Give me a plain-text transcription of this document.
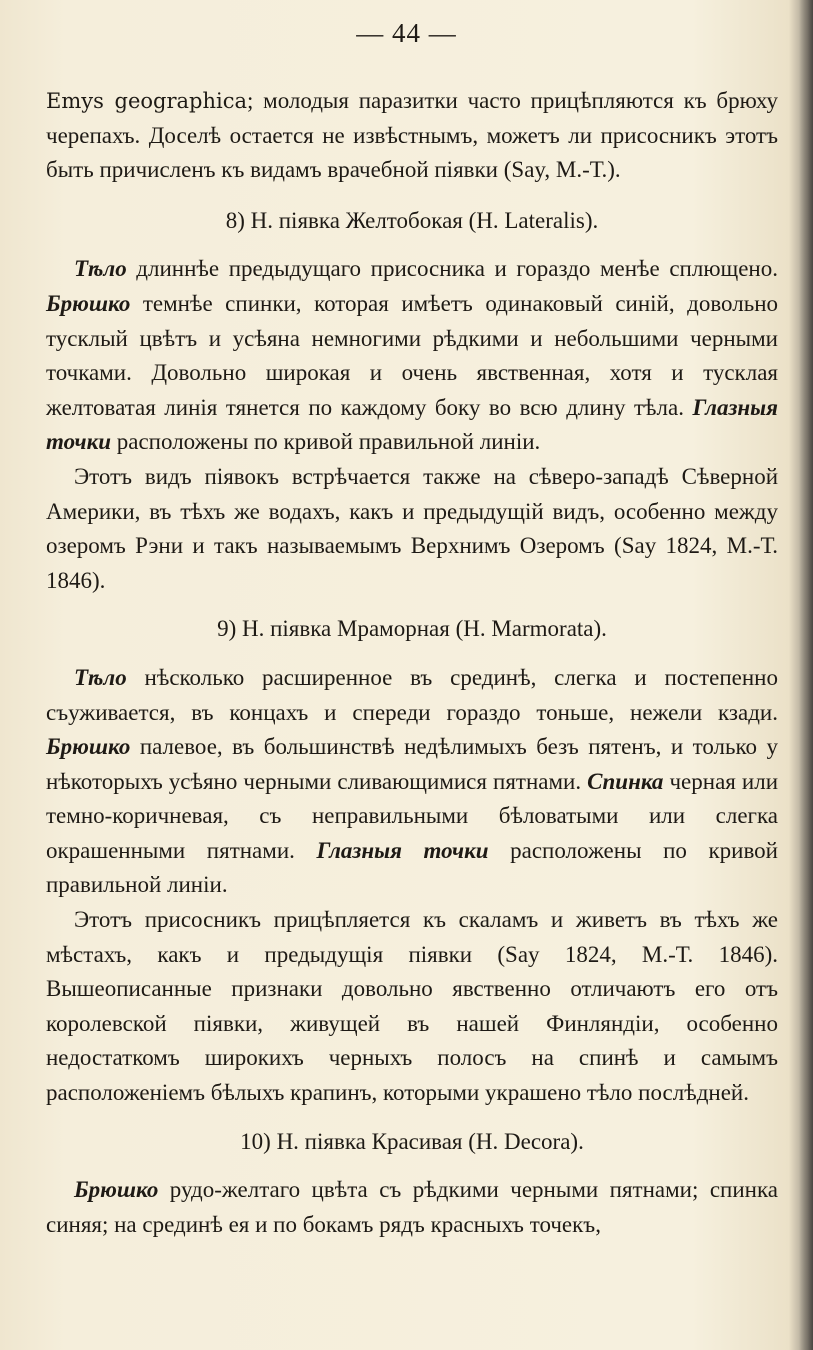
— 44 —

Emys geographica; молодыя паразитки часто прицѣпляются къ брюху черепахъ. Доселѣ остается не извѣстнымъ, можетъ ли присосникъ этотъ быть причисленъ къ видамъ врачебной піявки (Say, М.-Т.).

8) Н. піявка Желтобокая (Н. Lateralis).

Тѣло длиннѣе предыдущаго присосника и гораздо менѣе сплющено. Брюшко темнѣе спинки, которая имѣетъ одинаковый синій, довольно тусклый цвѣтъ и усѣяна немногими рѣдкими и небольшими черными точками. Довольно широкая и очень явственная, хотя и тусклая желтоватая линія тянется по каждому боку во всю длину тѣла. Глазныя точки расположены по кривой правильной линіи.

Этотъ видъ піявокъ встрѣчается также на сѣверо-западѣ Сѣверной Америки, въ тѣхъ же водахъ, какъ и предыдущій видъ, особенно между озеромъ Рэни и такъ называемымъ Верхнимъ Озеромъ (Say 1824, М.-Т. 1846).

9) Н. піявка Мраморная (Н. Marmorata).

Тѣло нѣсколько расширенное въ срединѣ, слегка и постепенно съуживается, въ концахъ и спереди гораздо тоньше, нежели кзади. Брюшко палевое, въ большинствѣ недѣлимыхъ безъ пятенъ, и только у нѣкоторыхъ усѣяно черными сливающимися пятнами. Спинка черная или темно-коричневая, съ неправильными бѣловатыми или слегка окрашенными пятнами. Глазныя точки расположены по кривой правильной линіи.

Этотъ присосникъ прицѣпляется къ скаламъ и живетъ въ тѣхъ же мѣстахъ, какъ и предыдущія піявки (Say 1824, М.-Т. 1846). Вышеописанные признаки довольно явственно отличаютъ его отъ королевской піявки, живущей въ нашей Финляндіи, особенно недостаткомъ широкихъ черныхъ полосъ на спинѣ и самымъ расположеніемъ бѣлыхъ крапинъ, которыми украшено тѣло послѣдней.

10) Н. піявка Красивая (Н. Decora).

Брюшко рудо-желтаго цвѣта съ рѣдкими черными пятнами; спинка синяя; на срединѣ ея и по бокамъ рядъ красныхъ точекъ,
